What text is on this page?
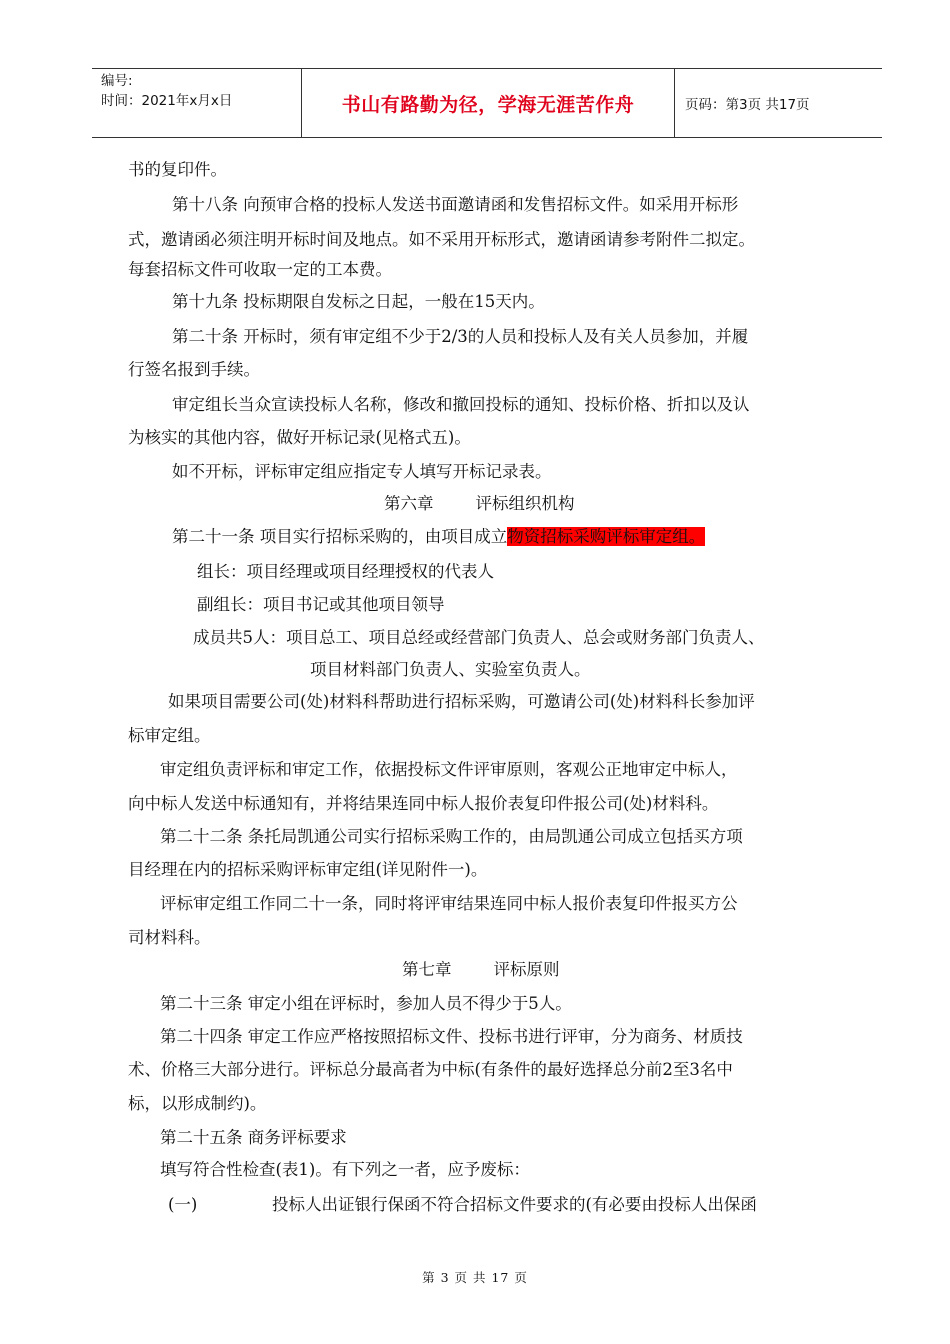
编号:
时间：2021年x月x日	书山有路勤为径，学海无涯苦作舟	页码：第3页 共17页
书的复印件。
第十八条 向预审合格的投标人发送书面邀请函和发售招标文件。如采用开标形
式，邀请函必须注明开标时间及地点。如不采用开标形式，邀请函请参考附件二拟定。
每套招标文件可收取一定的工本费。
第十九条 投标期限自发标之日起，一般在15天内。
第二十条 开标时，须有审定组不少于2/3的人员和投标人及有关人员参加，并履
行签名报到手续。
审定组长当众宣读投标人名称，修改和撤回投标的通知、投标价格、折扣以及认
为核实的其他内容，做好开标记录(见格式五)。
如不开标，评标审定组应指定专人填写开标记录表。
第六章        评标组织机构
第二十一条 项目实行招标采购的，由项目成立物资招标采购评标审定组。
组长：项目经理或项目经理授权的代表人
副组长：项目书记或其他项目领导
成员共5人：项目总工、项目总经或经营部门负责人、总会或财务部门负责人、
项目材料部门负责人、实验室负责人。
如果项目需要公司(处)材料科帮助进行招标采购，可邀请公司(处)材料科长参加评
标审定组。
审定组负责评标和审定工作，依据投标文件评审原则，客观公正地审定中标人，
向中标人发送中标通知有，并将结果连同中标人报价表复印件报公司(处)材料科。
第二十二条 条托局凯通公司实行招标采购工作的，由局凯通公司成立包括买方项
目经理在内的招标采购评标审定组(详见附件一)。
评标审定组工作同二十一条，同时将评审结果连同中标人报价表复印件报买方公
司材料科。
第七章        评标原则
第二十三条 审定小组在评标时，参加人员不得少于5人。
第二十四条 审定工作应严格按照招标文件、投标书进行评审，分为商务、材质技
术、价格三大部分进行。评标总分最高者为中标(有条件的最好选择总分前2至3名中
标，以形成制约)。
第二十五条 商务评标要求
填写符合性检查(表1)。有下列之一者，应予废标：
(一)	投标人出证银行保函不符合招标文件要求的(有必要由投标人出保函
第 3 页 共 17 页
